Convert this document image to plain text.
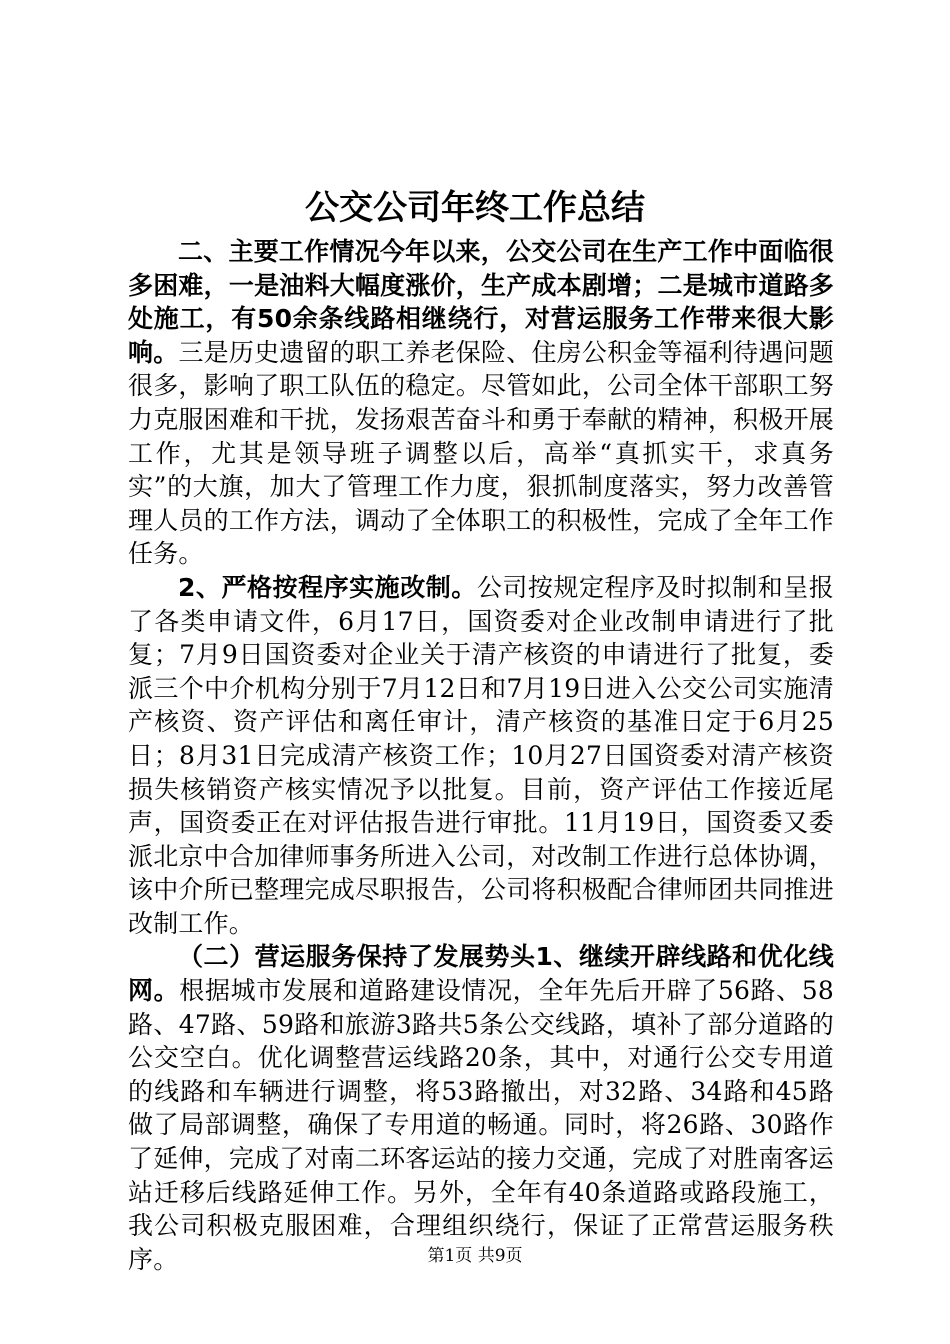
公交公司年终工作总结

二、主要工作情况今年以来，公交公司在生产工作中面临很多困难，一是油料大幅度涨价，生产成本剧增；二是城市道路多处施工，有50余条线路相继绕行，对营运服务工作带来很大影响。三是历史遗留的职工养老保险、住房公积金等福利待遇问题很多，影响了职工队伍的稳定。尽管如此，公司全体干部职工努力克服困难和干扰，发扬艰苦奋斗和勇于奉献的精神，积极开展工作，尤其是领导班子调整以后，高举“真抓实干，求真务实”的大旗，加大了管理工作力度，狠抓制度落实，努力改善管理人员的工作方法，调动了全体职工的积极性，完成了全年工作任务。

2、严格按程序实施改制。公司按规定程序及时拟制和呈报了各类申请文件，6月17日，国资委对企业改制申请进行了批复；7月9日国资委对企业关于清产核资的申请进行了批复，委派三个中介机构分别于7月12日和7月19日进入公交公司实施清产核资、资产评估和离任审计，清产核资的基准日定于6月25日；8月31日完成清产核资工作；10月27日国资委对清产核资损失核销资产核实情况予以批复。目前，资产评估工作接近尾声，国资委正在对评估报告进行审批。11月19日，国资委又委派北京中合加律师事务所进入公司，对改制工作进行总体协调，该中介所已整理完成尽职报告，公司将积极配合律师团共同推进改制工作。

（二）营运服务保持了发展势头1、继续开辟线路和优化线网。根据城市发展和道路建设情况，全年先后开辟了56路、58路、47路、59路和旅游3路共5条公交线路，填补了部分道路的公交空白。优化调整营运线路20条，其中，对通行公交专用道的线路和车辆进行调整，将53路撤出，对32路、34路和45路做了局部调整，确保了专用道的畅通。同时，将26路、30路作了延伸，完成了对南二环客运站的接力交通，完成了对胜南客运站迁移后线路延伸工作。另外，全年有40条道路或路段施工，我公司积极克服困难，合理组织绕行，保证了正常营运服务秩序。	第1页 共9页
